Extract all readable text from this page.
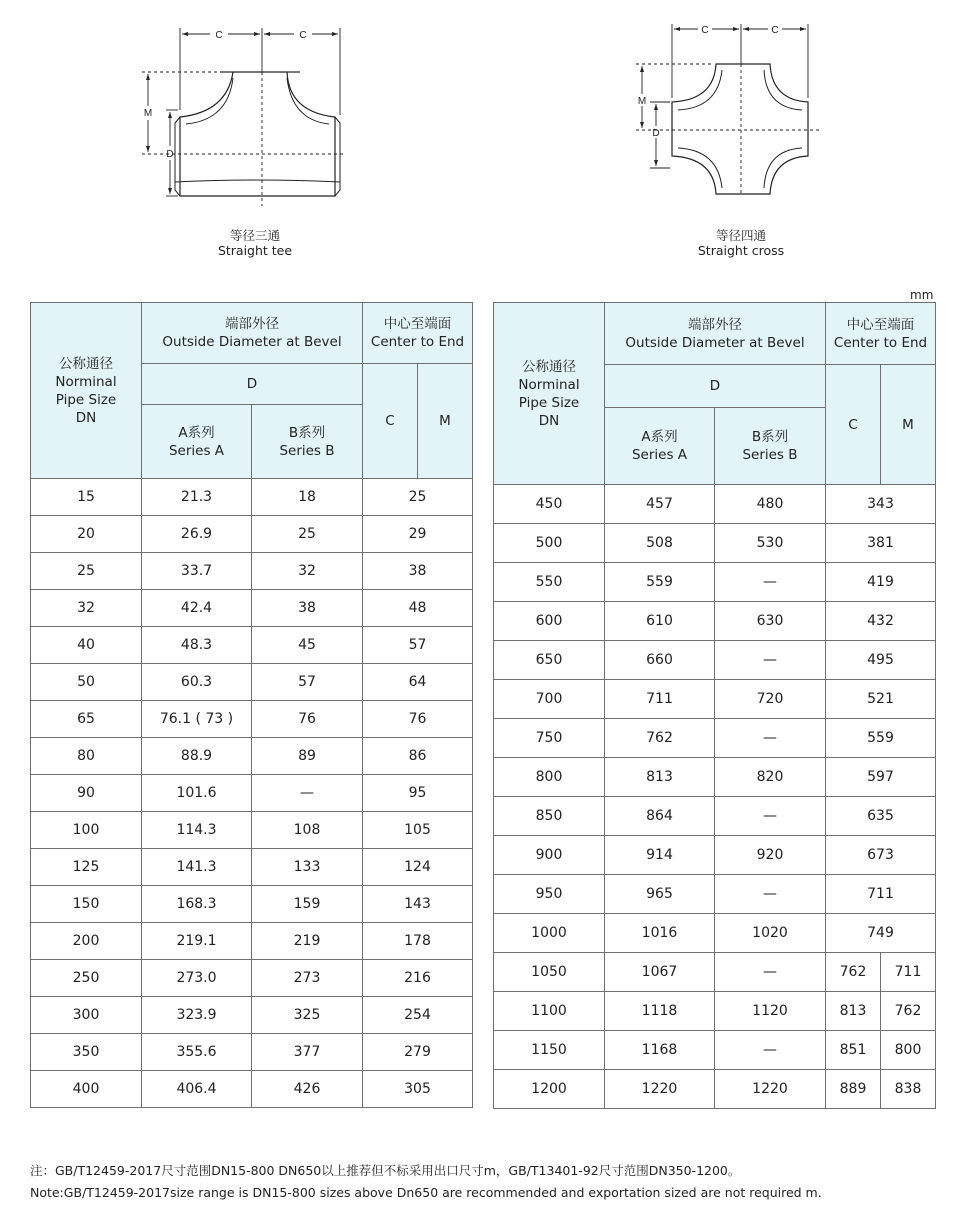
C	C
M
D
等径三通
Straight tee
C	C
M
D
等径四通
Straight cross
mm
公称通径
Norminal
Pipe Size
DN	端部外径
Outside Diameter at Bevel		中心至端面
Center to End	

	D		C	M

	A系列
Series A	B系列
Series B		

15	21.3	18	25	
20	26.9	25	29	
25	33.7	32	38	
32	42.4	38	48	
40	48.3	45	57	
50	60.3	57	64	
65	76.1 ( 73 )	76	76	
80	88.9	89	86	
90	101.6	—	95	
100	114.3	108	105	
125	141.3	133	124	
150	168.3	159	143	
200	219.1	219	178	
250	273.0	273	216	
300	323.9	325	254	
350	355.6	377	279	
400	406.4	426	305	
公称通径
Norminal
Pipe Size
DN	端部外径
Outside Diameter at Bevel		中心至端面
Center to End	

	D		C	M

	A系列
Series A	B系列
Series B		

450	457	480	343	
500	508	530	381	
550	559	—	419	
600	610	630	432	
650	660	—	495	
700	711	720	521	
750	762	—	559	
800	813	820	597	
850	864	—	635	
900	914	920	673	
950	965	—	711	
1000	1016	1020	749	
1050	1067	—	762	711
1100	1118	1120	813	762
1150	1168	—	851	800
1200	1220	1220	889	838
注：GB/T12459-2017尺寸范围DN15-800 DN650以上推荐但不标采用出口尺寸m，GB/T13401-92尺寸范围DN350-1200。
Note:GB/T12459-2017size range is DN15-800 sizes above Dn650 are recommended and exportation sized are not required m.
